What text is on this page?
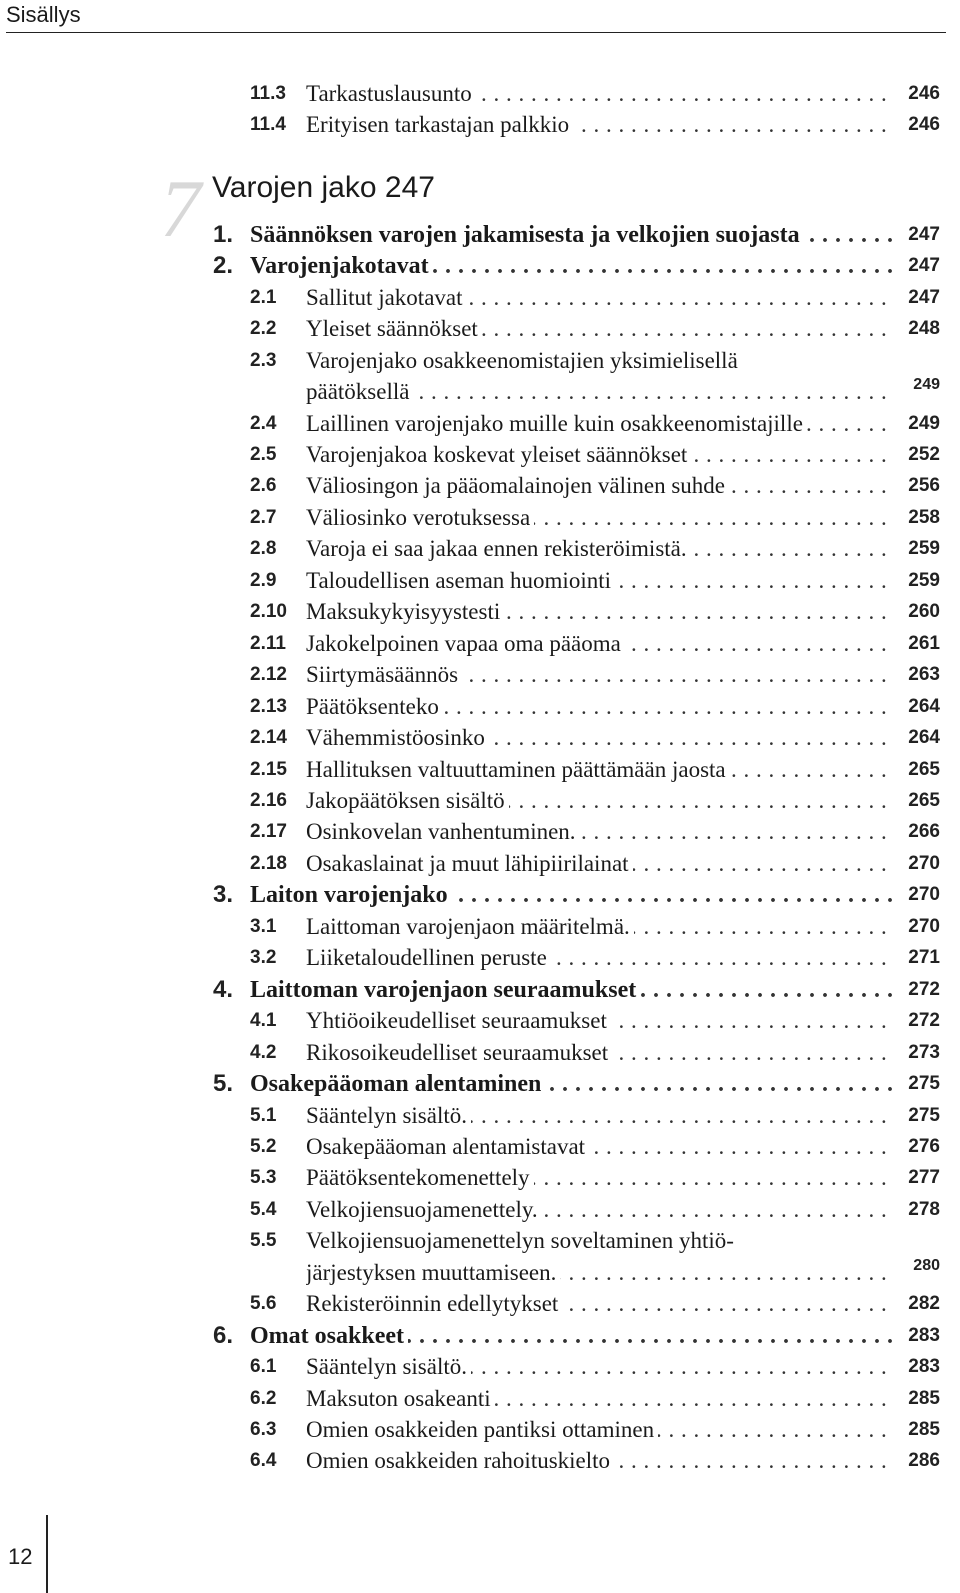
Sisällys
7 Varojen jako 247
11.3 Tarkastuslausunto . . .	246
11.4 Erityisen tarkastajan palkkio . . .	246
1. Säännöksen varojen jakamisesta ja velkojien suojasta . . .	247
2. Varojenjakotavat . . .	247
2.1 Sallitut jakotavat . . .	247
2.2 Yleiset säännökset . . .	248
2.3 Varojenjako osakkeenomistajien yksimielisellä
päätöksellä . . .	249
2.4 Laillinen varojenjako muille kuin osakkeenomistajille . . .	249
2.5 Varojenjakoa koskevat yleiset säännökset . . .	252
2.6 Väliosingon ja pääomalainojen välinen suhde . . .	256
2.7 Väliosinko verotuksessa . . .	258
2.8 Varoja ei saa jakaa ennen rekisteröimistä. . . .	259
2.9 Taloudellisen aseman huomiointi . . .	259
2.10 Maksukykyisyystesti . . .	260
2.11 Jakokelpoinen vapaa oma pääoma . . .	261
2.12 Siirtymäsäännös . . .	263
2.13 Päätöksenteko . . .	264
2.14 Vähemmistöosinko . . .	264
2.15 Hallituksen valtuuttaminen päättämään jaosta . . .	265
2.16 Jakopäätöksen sisältö . . .	265
2.17 Osinkovelan vanhentuminen. . . .	266
2.18 Osakaslainat ja muut lähipiirilainat . . .	270
3. Laiton varojenjako . . .	270
3.1 Laittoman varojenjaon määritelmä. . . .	270
3.2 Liiketaloudellinen peruste . . .	271
4. Laittoman varojenjaon seuraamukset . . .	272
4.1 Yhtiöoikeudelliset seuraamukset . . .	272
4.2 Rikosoikeudelliset seuraamukset . . .	273
5. Osakepääoman alentaminen . . .	275
5.1 Sääntelyn sisältö. . . .	275
5.2 Osakepääoman alentamistavat . . .	276
5.3 Päätöksentekomenettely . . .	277
5.4 Velkojiensuojamenettely. . . .	278
5.5 Velkojiensuojamenettelyn soveltaminen yhtiö-
järjestyksen muuttamiseen. . . .	280
5.6 Rekisteröinnin edellytykset . . .	282
6. Omat osakkeet . . .	283
6.1 Sääntelyn sisältö. . . .	283
6.2 Maksuton osakeanti . . .	285
6.3 Omien osakkeiden pantiksi ottaminen . . .	285
6.4 Omien osakkeiden rahoituskielto . . .	286
12
